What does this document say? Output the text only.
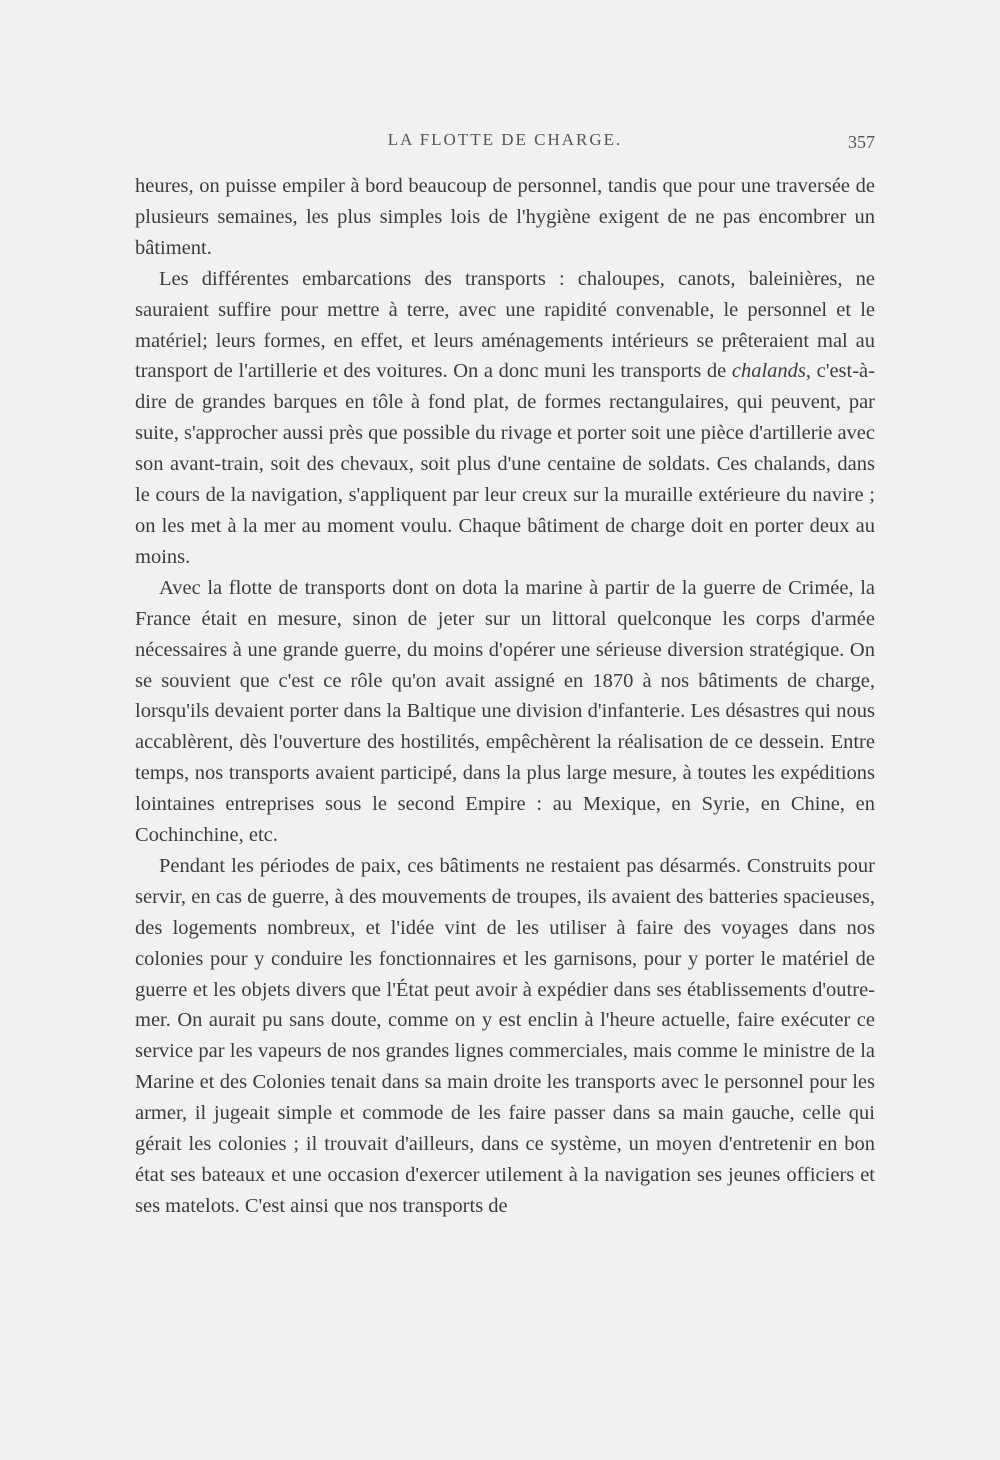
LA FLOTTE DE CHARGE.	357

heures, on puisse empiler à bord beaucoup de personnel, tandis que pour une traversée de plusieurs semaines, les plus simples lois de l'hygiène exigent de ne pas encombrer un bâtiment.

Les différentes embarcations des transports : chaloupes, canots, baleinières, ne sauraient suffire pour mettre à terre, avec une rapidité convenable, le personnel et le matériel; leurs formes, en effet, et leurs aménagements intérieurs se prêteraient mal au transport de l'artillerie et des voitures. On a donc muni les transports de chalands, c'est-à-dire de grandes barques en tôle à fond plat, de formes rectangulaires, qui peuvent, par suite, s'approcher aussi près que possible du rivage et porter soit une pièce d'artillerie avec son avant-train, soit des chevaux, soit plus d'une centaine de soldats. Ces chalands, dans le cours de la navigation, s'appliquent par leur creux sur la muraille extérieure du navire ; on les met à la mer au moment voulu. Chaque bâtiment de charge doit en porter deux au moins.

Avec la flotte de transports dont on dota la marine à partir de la guerre de Crimée, la France était en mesure, sinon de jeter sur un littoral quelconque les corps d'armée nécessaires à une grande guerre, du moins d'opérer une sérieuse diversion stratégique. On se souvient que c'est ce rôle qu'on avait assigné en 1870 à nos bâtiments de charge, lorsqu'ils devaient porter dans la Baltique une division d'infanterie. Les désastres qui nous accablèrent, dès l'ouverture des hostilités, empêchèrent la réalisation de ce dessein. Entre temps, nos transports avaient participé, dans la plus large mesure, à toutes les expéditions lointaines entreprises sous le second Empire : au Mexique, en Syrie, en Chine, en Cochinchine, etc.

Pendant les périodes de paix, ces bâtiments ne restaient pas désarmés. Construits pour servir, en cas de guerre, à des mouvements de troupes, ils avaient des batteries spacieuses, des logements nombreux, et l'idée vint de les utiliser à faire des voyages dans nos colonies pour y conduire les fonctionnaires et les garnisons, pour y porter le matériel de guerre et les objets divers que l'État peut avoir à expédier dans ses établissements d'outre-mer. On aurait pu sans doute, comme on y est enclin à l'heure actuelle, faire exécuter ce service par les vapeurs de nos grandes lignes commerciales, mais comme le ministre de la Marine et des Colonies tenait dans sa main droite les transports avec le personnel pour les armer, il jugeait simple et commode de les faire passer dans sa main gauche, celle qui gérait les colonies ; il trouvait d'ailleurs, dans ce système, un moyen d'entretenir en bon état ses bateaux et une occasion d'exercer utilement à la navigation ses jeunes officiers et ses matelots. C'est ainsi que nos transports de
